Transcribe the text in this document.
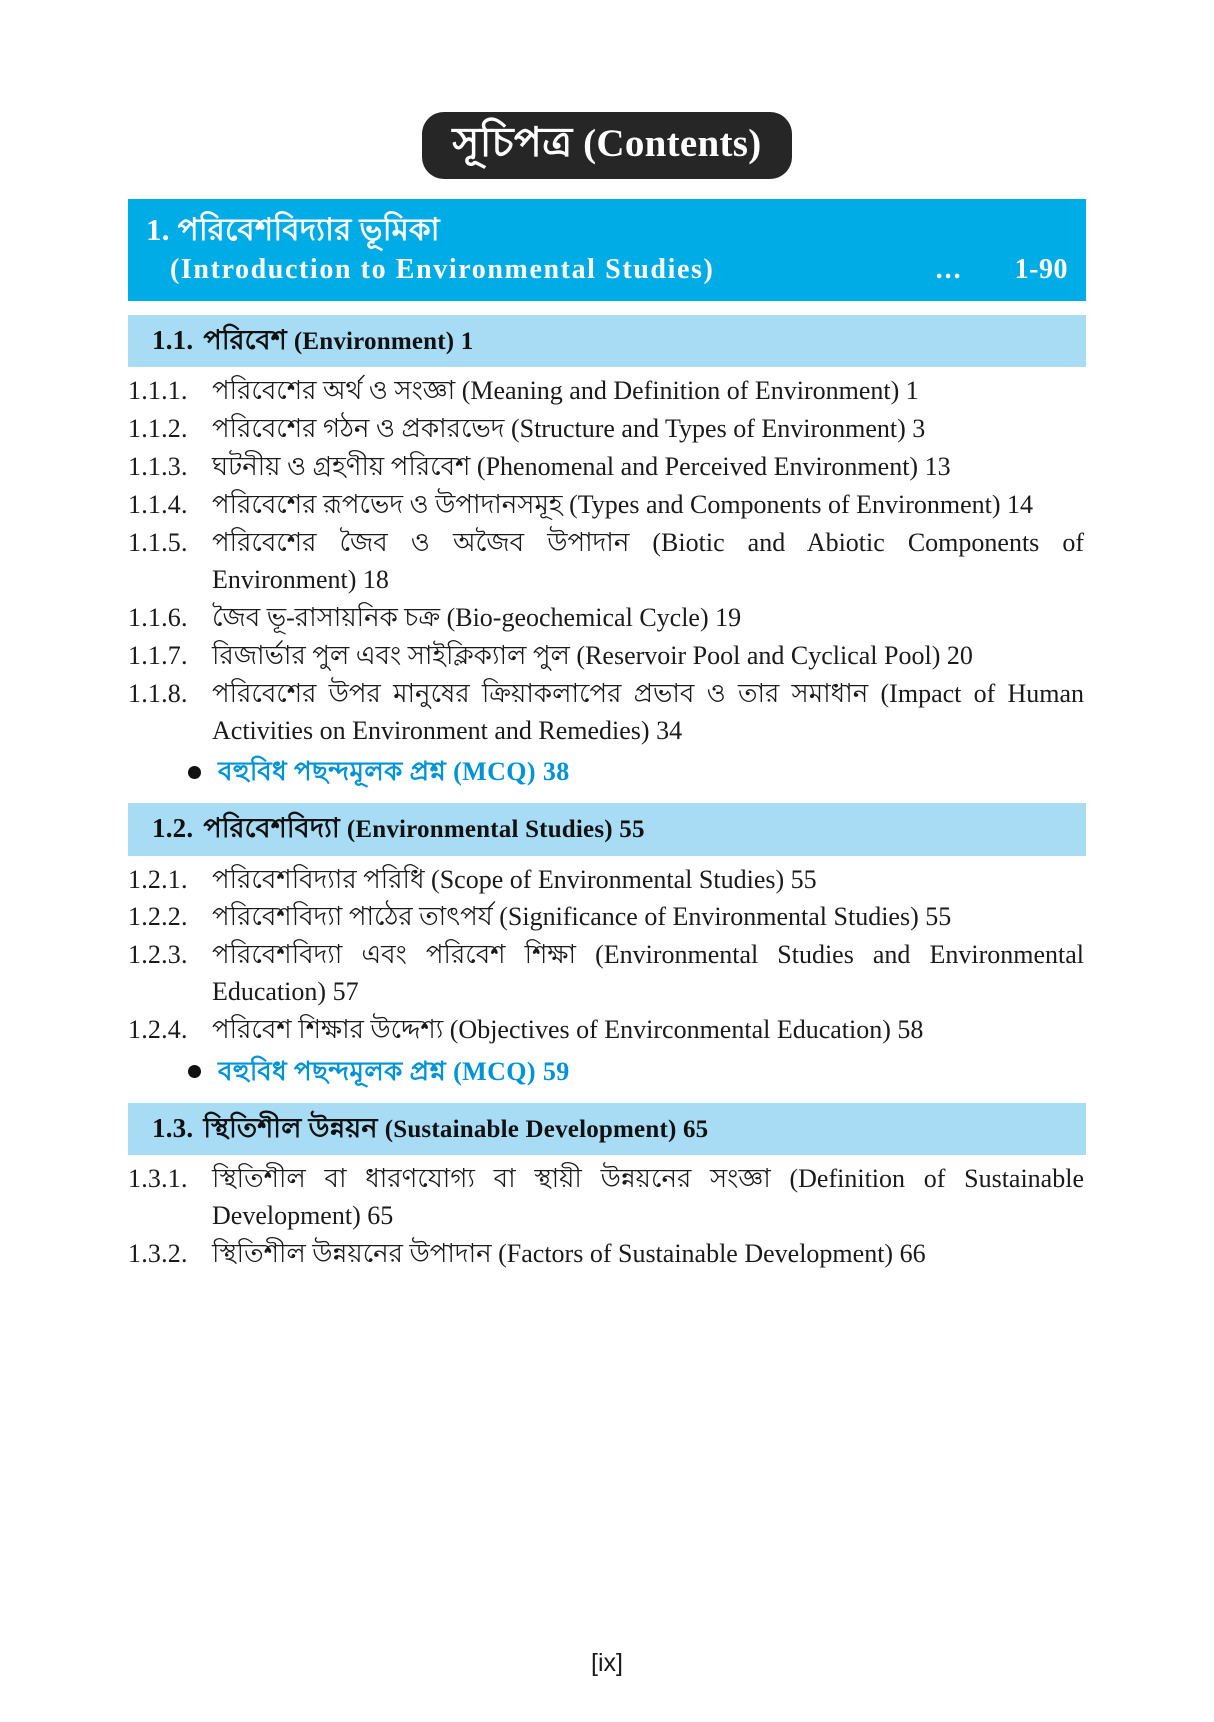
সূচিপত্র (Contents)
1. পরিবেশবিদ্যার ভূমিকা
(Introduction to Environmental Studies)	...	1-90
1.1. পরিবেশ (Environment) 1
1.1.1. পরিবেশের অর্থ ও সংজ্ঞা (Meaning and Definition of Environment) 1
1.1.2. পরিবেশের গঠন ও প্রকারভেদ (Structure and Types of Environment) 3
1.1.3. ঘটনীয় ও গ্রহণীয় পরিবেশ (Phenomenal and Perceived Environment) 13
1.1.4. পরিবেশের রূপভেদ ও উপাদানসমূহ (Types and Components of Environment) 14
1.1.5. পরিবেশের জৈব ও অজৈব উপাদান (Biotic and Abiotic Components of Environment) 18
1.1.6. জৈব ভূ-রাসায়নিক চক্র (Bio-geochemical Cycle) 19
1.1.7. রিজার্ভার পুল এবং সাইক্লিক্যাল পুল (Reservoir Pool and Cyclical Pool) 20
1.1.8. পরিবেশের উপর মানুষের ক্রিয়াকলাপের প্রভাব ও তার সমাধান (Impact of Human Activities on Environment and Remedies) 34
বহুবিধ পছন্দমূলক প্রশ্ন (MCQ) 38
1.2. পরিবেশবিদ্যা (Environmental Studies) 55
1.2.1. পরিবেশবিদ্যার পরিধি (Scope of Environmental Studies) 55
1.2.2. পরিবেশবিদ্যা পাঠের তাৎপর্য (Significance of Environmental Studies) 55
1.2.3. পরিবেশবিদ্যা এবং পরিবেশ শিক্ষা (Environmental Studies and Environmental Education) 57
1.2.4. পরিবেশ শিক্ষার উদ্দেশ্য (Objectives of Envirconmental Education) 58
বহুবিধ পছন্দমূলক প্রশ্ন (MCQ) 59
1.3. স্থিতিশীল উন্নয়ন (Sustainable Development) 65
1.3.1. স্থিতিশীল বা ধারণযোগ্য বা স্থায়ী উন্নয়নের সংজ্ঞা (Definition of Sustainable Development) 65
1.3.2. স্থিতিশীল উন্নয়নের উপাদান (Factors of Sustainable Development) 66
[ix]
